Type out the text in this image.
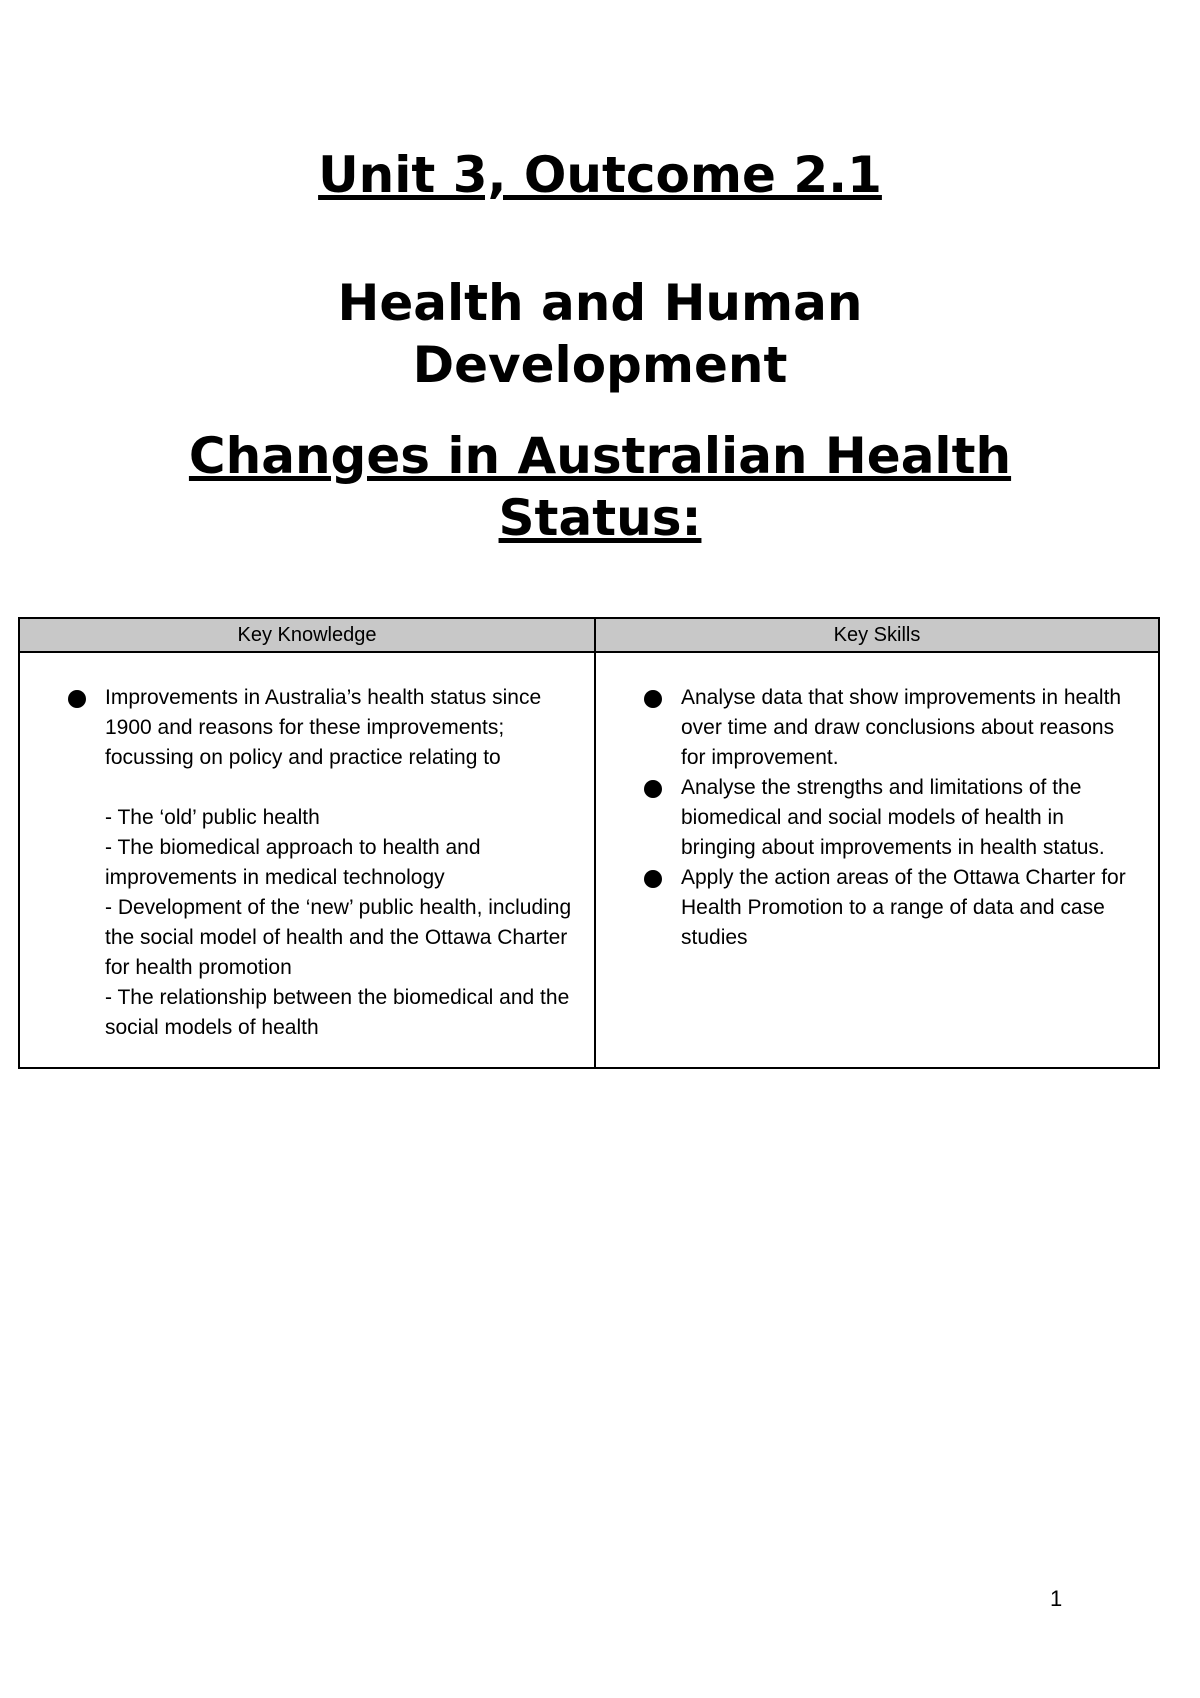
Unit 3, Outcome 2.1
Health and Human
Development
Changes in Australian Health
Status:
Key Knowledge
Improvements in Australia’s health status since 1900 and reasons for these improvements; focussing on policy and practice relating to
- The ‘old’ public health
- The biomedical approach to health and improvements in medical technology
- Development of the ‘new’ public health, including the social model of health and the Ottawa Charter for health promotion
- The relationship between the biomedical and the social models of health
Key Skills
Analyse data that show improvements in health over time and draw conclusions about reasons for improvement.
Analyse the strengths and limitations of the biomedical and social models of health in bringing about improvements in health status.
Apply the action areas of the Ottawa Charter for Health Promotion to a range of data and case studies
1
